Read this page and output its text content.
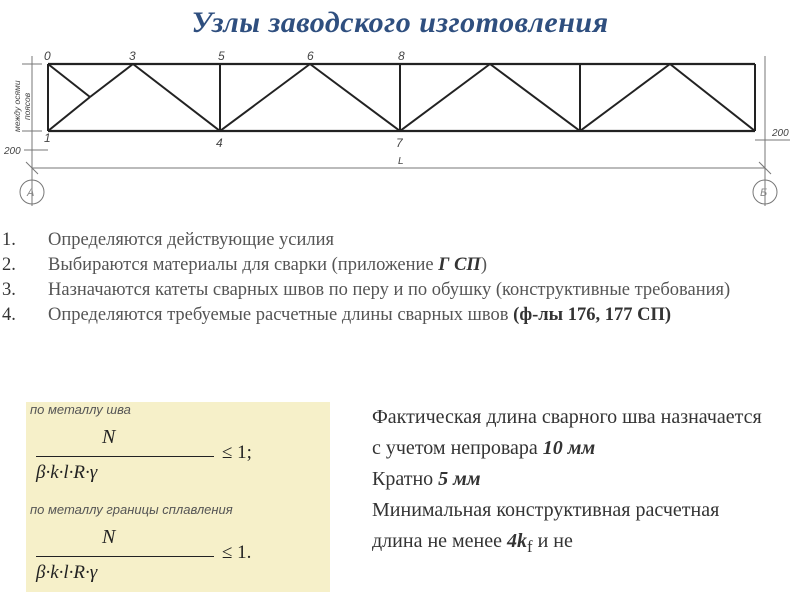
Узлы заводского изготовления
0
1
3
4
5	6
7
8
200
200
L
А	Б
между осями поясов
1. Определяются действующие усилия
2. Выбираются материалы для сварки (приложение Г СП)
3. Назначаются катеты сварных швов по перу и по обушку (конструктивные требования)
4. Определяются требуемые расчетные длины сварных швов (ф-лы 176, 177 СП)
по металлу шва
N
β·k·l·R·γ
≤ 1;
по металлу границы сплавления
N
β·k·l·R·γ
≤ 1.

Фактическая длина сварного шва назначается с учетом непровара 10 мм

Кратно 5 мм

Минимальная конструктивная расчетная длина не менее $4k_f$ и не
